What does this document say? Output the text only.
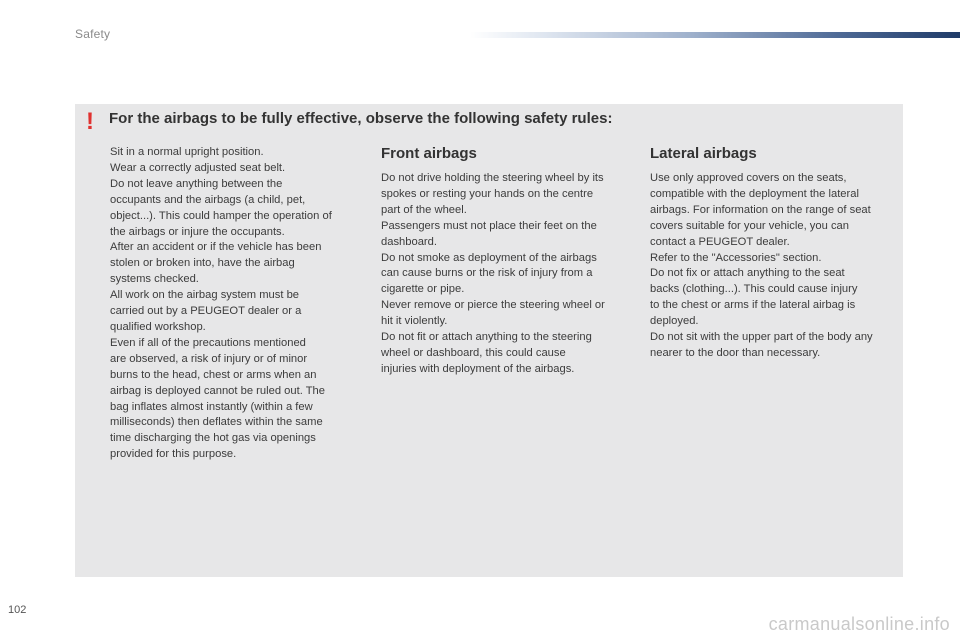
Safety
! For the airbags to be fully effective, observe the following safety rules:

Sit in a normal upright position.

Wear a correctly adjusted seat belt.

Do not leave anything between the

occupants and the airbags (a child, pet,

object...). This could hamper the operation of

the airbags or injure the occupants.

After an accident or if the vehicle has been

stolen or broken into, have the airbag

systems checked.

All work on the airbag system must be

carried out by a PEUGEOT dealer or a

qualified workshop.

Even if all of the precautions mentioned

are observed, a risk of injury or of minor

burns to the head, chest or arms when an

airbag is deployed cannot be ruled out. The

bag inflates almost instantly (within a few

milliseconds) then deflates within the same

time discharging the hot gas via openings

provided for this purpose.

Front airbags

Do not drive holding the steering wheel by its

spokes or resting your hands on the centre

part of the wheel.

Passengers must not place their feet on the

dashboard.

Do not smoke as deployment of the airbags

can cause burns or the risk of injury from a

cigarette or pipe.

Never remove or pierce the steering wheel or

hit it violently.

Do not fit or attach anything to the steering

wheel or dashboard, this could cause

injuries with deployment of the airbags.

Lateral airbags

Use only approved covers on the seats,

compatible with the deployment the lateral

airbags. For information on the range of seat

covers suitable for your vehicle, you can

contact a PEUGEOT dealer.

Refer to the "Accessories" section.

Do not fix or attach anything to the seat

backs (clothing...). This could cause injury

to the chest or arms if the lateral airbag is

deployed.

Do not sit with the upper part of the body any

nearer to the door than necessary.

102
carmanualsonline.info
